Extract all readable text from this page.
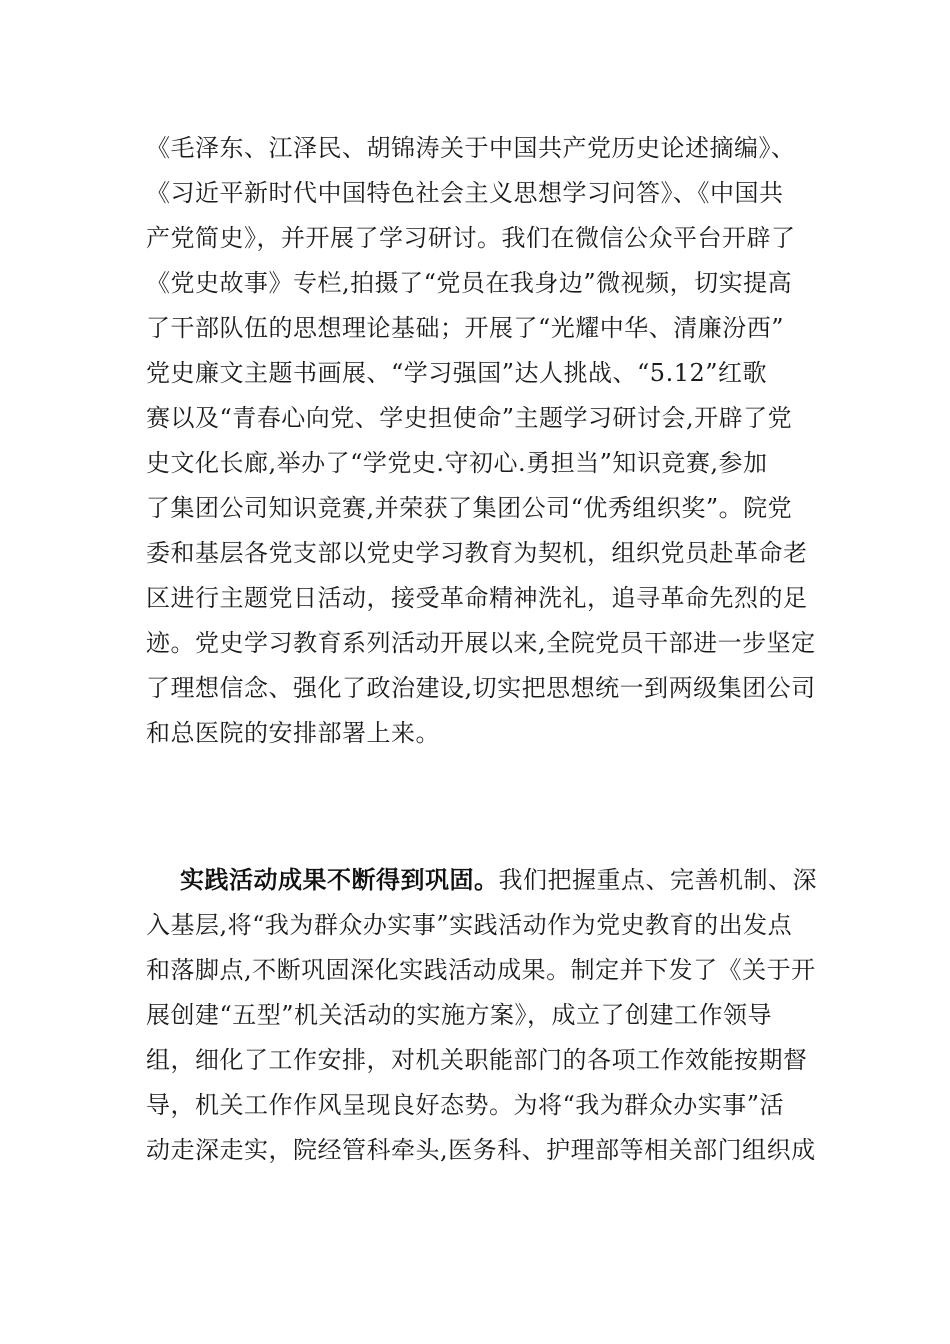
《毛泽东、江泽民、胡锦涛关于中国共产党历史论述摘编》、
《习近平新时代中国特色社会主义思想学习问答》、《中国共
产党简史》，并开展了学习研讨。我们在微信公众平台开辟了
《党史故事》专栏,拍摄了“党员在我身边”微视频，切实提高
了干部队伍的思想理论基础；开展了“光耀中华、清廉汾西”
党史廉文主题书画展、“学习强国”达人挑战、“5.12”红歌
赛以及“青春心向党、学史担使命”主题学习研讨会,开辟了党
史文化长廊,举办了“学党史.守初心.勇担当”知识竞赛,参加
了集团公司知识竞赛,并荣获了集团公司“优秀组织奖”。院党
委和基层各党支部以党史学习教育为契机，组织党员赴革命老
区进行主题党日活动，接受革命精神洗礼，追寻革命先烈的足
迹。党史学习教育系列活动开展以来,全院党员干部进一步坚定
了理想信念、强化了政治建设,切实把思想统一到两级集团公司
和总医院的安排部署上来。
实践活动成果不断得到巩固。我们把握重点、完善机制、深
入基层,将“我为群众办实事”实践活动作为党史教育的出发点
和落脚点,不断巩固深化实践活动成果。制定并下发了《关于开
展创建“五型”机关活动的实施方案》，成立了创建工作领导
组，细化了工作安排，对机关职能部门的各项工作效能按期督
导，机关工作作风呈现良好态势。为将“我为群众办实事”活
动走深走实，院经管科牵头,医务科、护理部等相关部门组织成
